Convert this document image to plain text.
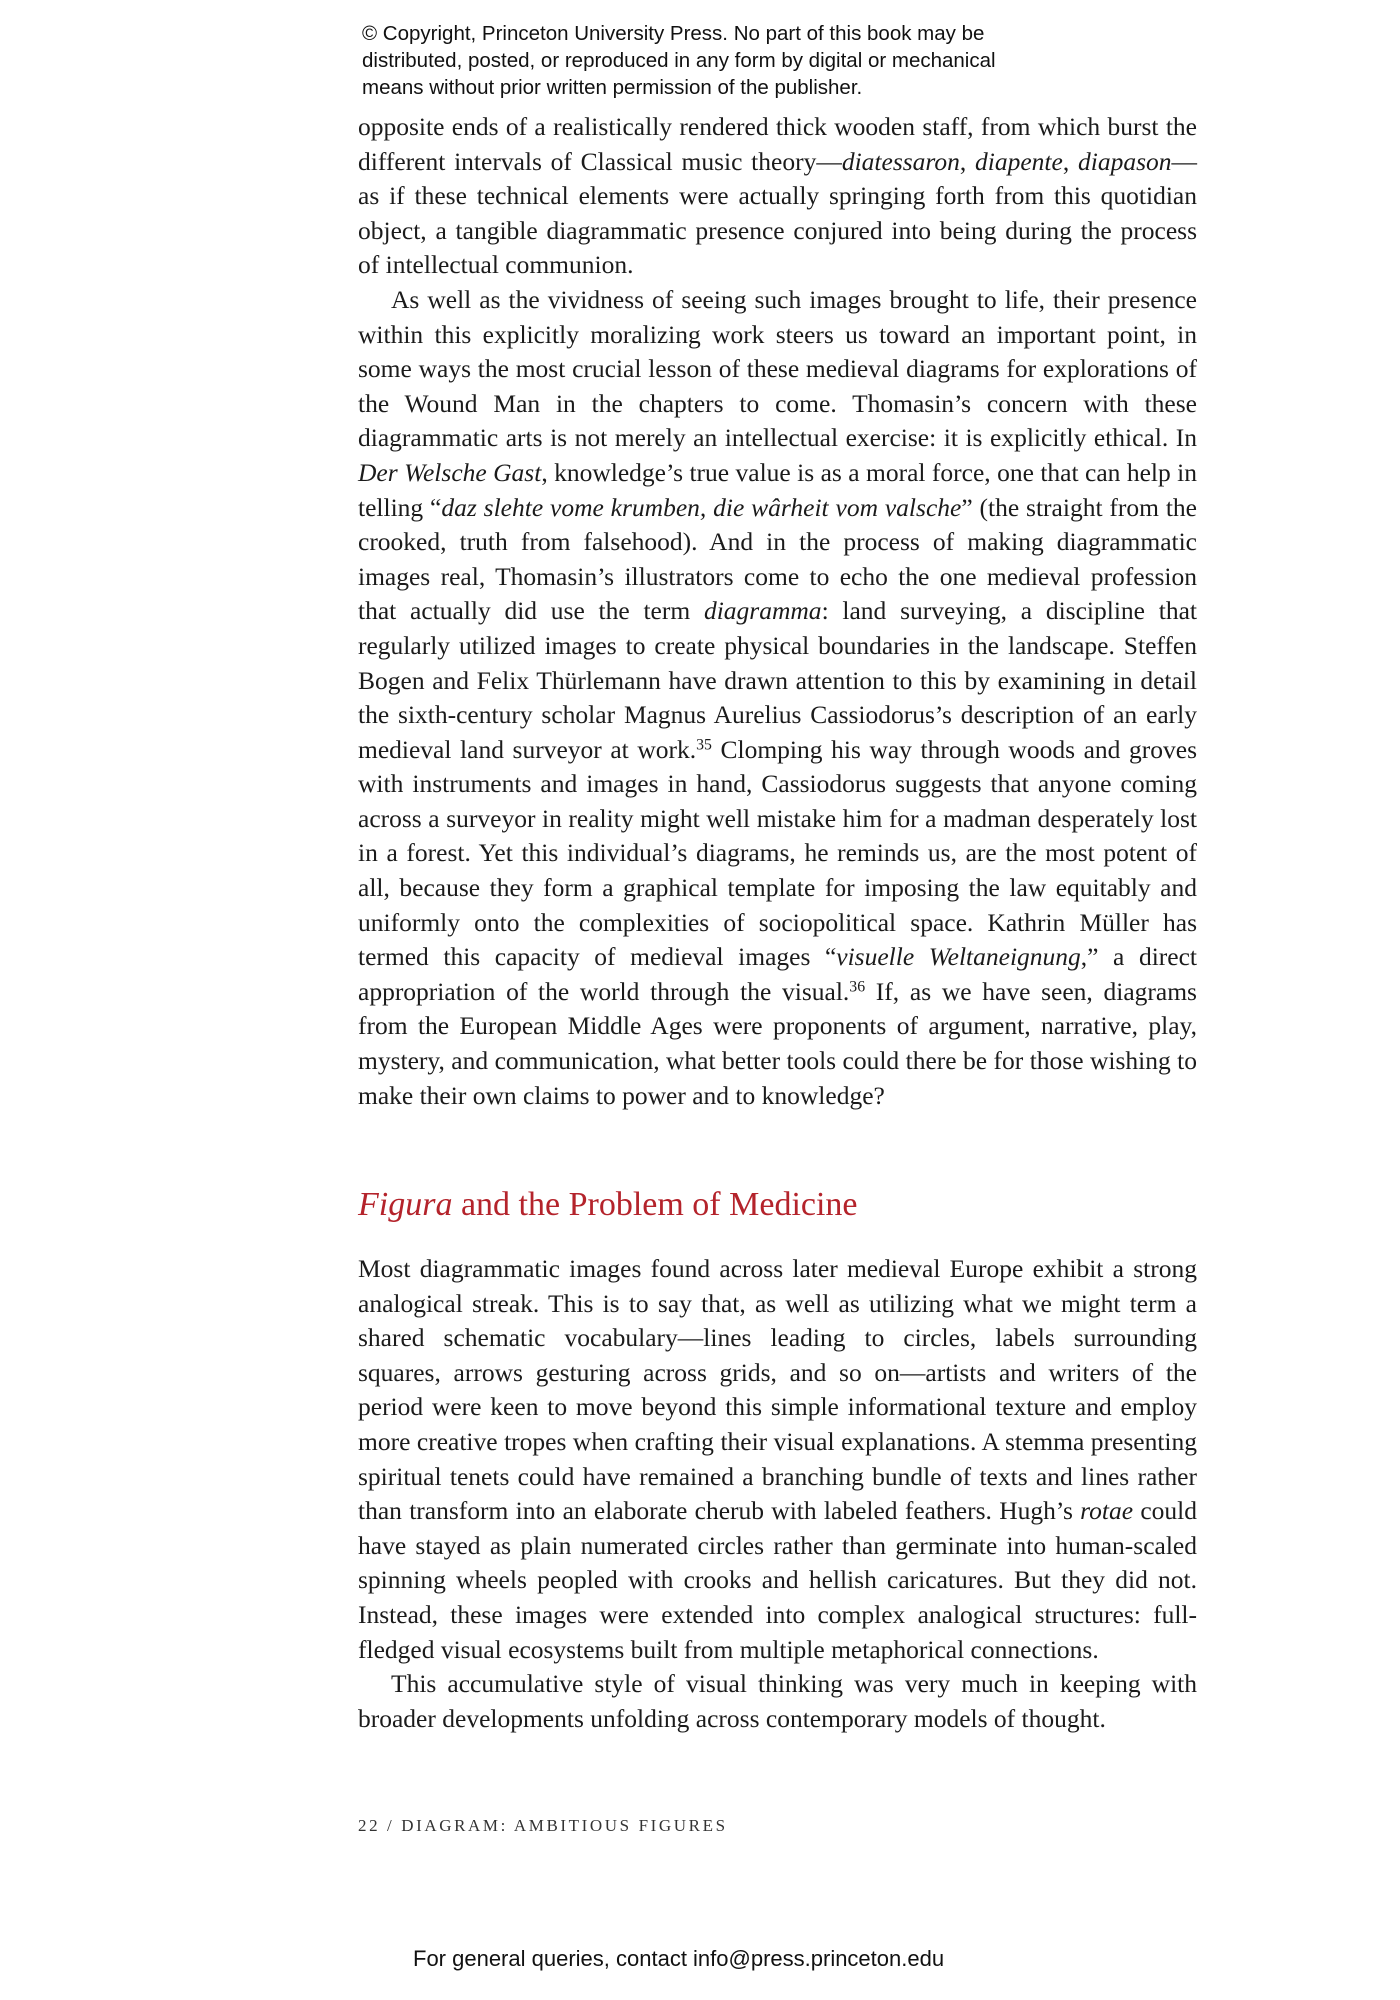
© Copyright, Princeton University Press. No part of this book may be
distributed, posted, or reproduced in any form by digital or mechanical
means without prior written permission of the publisher.

opposite ends of a realistically rendered thick wooden staff, from which burst the different intervals of Classical music theory—diatessaron, diapente, diapason—as if these technical elements were actually springing forth from this quotidian object, a tangible diagrammatic presence conjured into being during the process of intellectual communion.

As well as the vividness of seeing such images brought to life, their presence within this explicitly moralizing work steers us toward an important point, in some ways the most crucial lesson of these medieval diagrams for explorations of the Wound Man in the chapters to come. Thomasin’s concern with these diagrammatic arts is not merely an intellectual exercise: it is explicitly ethical. In Der Welsche Gast, knowledge’s true value is as a moral force, one that can help in telling “daz slehte vome krumben, die wârheit vom valsche” (the straight from the crooked, truth from falsehood). And in the process of making diagrammatic images real, Thomasin’s illustrators come to echo the one medieval profession that actually did use the term diagramma: land surveying, a discipline that regularly utilized images to create physical boundaries in the landscape. Steffen Bogen and Felix Thürlemann have drawn attention to this by examining in detail the sixth-century scholar Magnus Aurelius Cassiodorus’s description of an early medieval land surveyor at work.$^{35}$ Clomping his way through woods and groves with instruments and images in hand, Cassiodorus suggests that anyone coming across a surveyor in reality might well mistake him for a madman desperately lost in a forest. Yet this individual’s diagrams, he reminds us, are the most potent of all, because they form a graphical template for imposing the law equitably and uniformly onto the complexities of sociopolitical space. Kathrin Müller has termed this capacity of medieval images “visuelle Weltaneignung,” a direct appropriation of the world through the visual.$^{36}$ If, as we have seen, diagrams from the European Middle Ages were proponents of argument, narrative, play, mystery, and communication, what better tools could there be for those wishing to make their own claims to power and to knowledge?

Figura and the Problem of Medicine

Most diagrammatic images found across later medieval Europe exhibit a strong analogical streak. This is to say that, as well as utilizing what we might term a shared schematic vocabulary—lines leading to circles, labels surrounding squares, arrows gesturing across grids, and so on—artists and writers of the period were keen to move beyond this simple informational texture and employ more creative tropes when crafting their visual explanations. A stemma presenting spiritual tenets could have remained a branching bundle of texts and lines rather than transform into an elaborate cherub with labeled feathers. Hugh’s rotae could have stayed as plain numerated circles rather than germinate into human-scaled spinning wheels peopled with crooks and hellish caricatures. But they did not. Instead, these images were extended into complex analogical structures: full-fledged visual ecosystems built from multiple metaphorical connections.

This accumulative style of visual thinking was very much in keeping with broader developments unfolding across contemporary models of thought.

22 / DIAGRAM: AMBITIOUS FIGURES
For general queries, contact info@press.princeton.edu
